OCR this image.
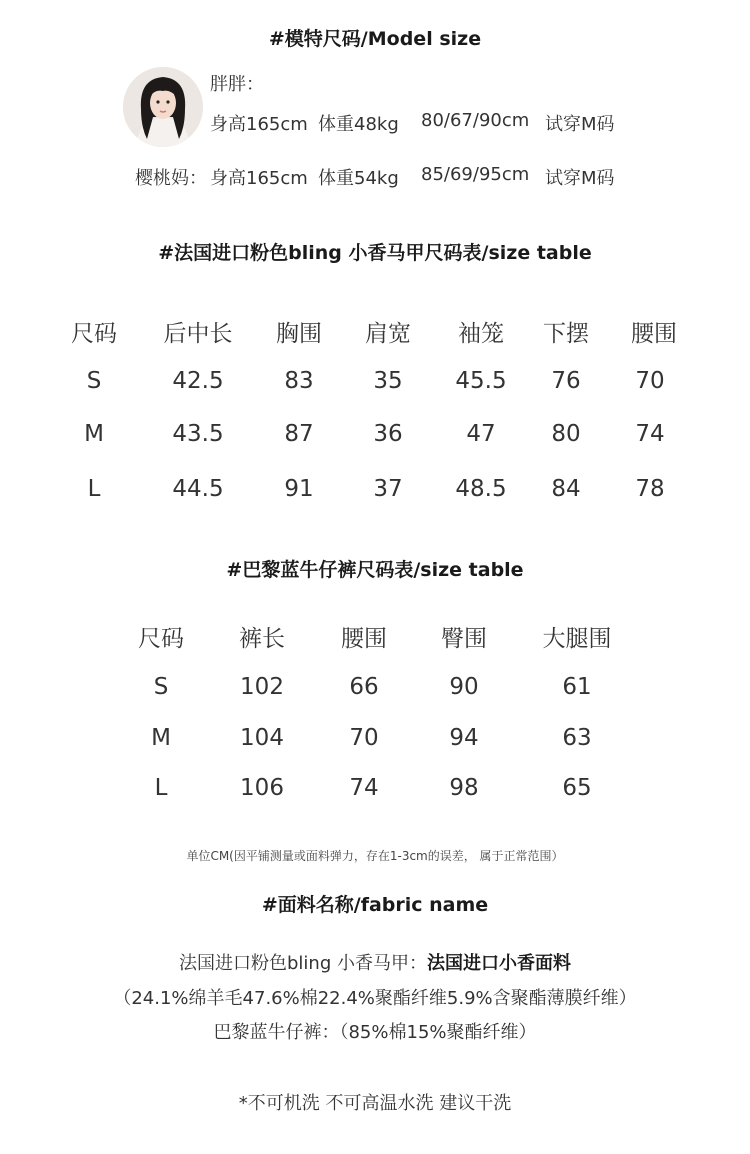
#模特尺码/Model size
胖胖：
身高165cm 体重48kg 80/67/90cm 试穿M码
樱桃妈： 身高165cm 体重54kg 85/69/95cm 试穿M码
#法国进口粉色bling 小香马甲尺码表/size table
尺码 后中长 胸围 肩宽 袖笼 下摆 腰围
S	42.5	83	35 45.5 76 70
M	43.5	87	36	47 80 74
L	44.5	91	37 48.5 84 78
#巴黎蓝牛仔裤尺码表/size table
尺码 裤长 腰围 臀围 大腿围
S	102	66	90	61
M	104	70	94	63
L	106	74	98	65
单位CM(因平铺测量或面料弹力，存在1-3cm的误差， 属于正常范围）
#面料名称/fabric name
法国进口粉色bling 小香马甲：法国进口小香面料
（24.1%绵羊毛47.6%棉22.4%聚酯纤维5.9%含聚酯薄膜纤维）
巴黎蓝牛仔裤：（85%棉15%聚酯纤维）
*不可机洗 不可高温水洗 建议干洗
